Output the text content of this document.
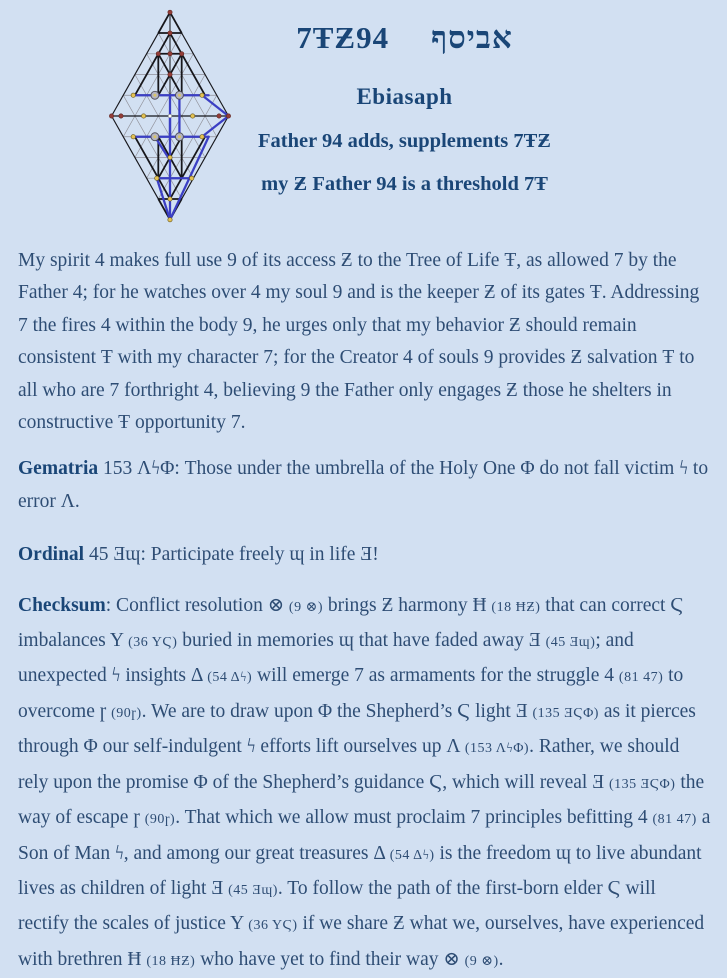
7ŦƵ94 אביסף
Ebiasaph
Father 94 adds, supplements 7ŦƵ
my Ƶ Father 94 is a threshold 7Ŧ

My spirit 4 makes full use 9 of its access Ƶ to the Tree of Life Ŧ, as allowed 7 by the Father 4; for he watches over 4 my soul 9 and is the keeper Ƶ of its gates Ŧ. Addressing 7 the fires 4 within the body 9, he urges only that my behavior Ƶ should remain consistent Ŧ with my character 7; for the Creator 4 of souls 9 provides Ƶ salvation Ŧ to all who are 7 forthright 4, believing 9 the Father only engages Ƶ those he shelters in constructive Ŧ opportunity 7.

Gematria 153 ΛϟΦ: Those under the umbrella of the Holy One Φ do not fall victim ϟ to error Λ.

Ordinal 45 Ǝɰ: Participate freely ɰ in life Ǝ!

Checksum: Conflict resolution ⊗ (9 ⊗) brings Ƶ harmony Ħ (18 ĦƵ) that can correct Ϛ imbalances Y (36 YϚ) buried in memories ɰ that have faded away Ǝ (45 Ǝɰ); and unexpected ϟ insights Δ (54 Δϟ) will emerge 7 as armaments for the struggle 4 (81 47) to overcome ɼ (90ɼ). We are to draw upon Φ the Shepherd’s Ϛ light Ǝ (135 ƎϚΦ) as it pierces through Φ our self-indulgent ϟ efforts lift ourselves up Λ (153 ΛϟΦ). Rather, we should rely upon the promise Φ of the Shepherd’s guidance Ϛ, which will reveal Ǝ (135 ƎϚΦ) the way of escape ɼ (90ɼ). That which we allow must proclaim 7 principles befitting 4 (81 47) a Son of Man ϟ, and among our great treasures Δ (54 Δϟ) is the freedom ɰ to live abundant lives as children of light Ǝ (45 Ǝɰ). To follow the path of the first-born elder Ϛ will rectify the scales of justice Y (36 YϚ) if we share Ƶ what we, ourselves, have experienced with brethren Ħ (18 ĦƵ) who have yet to find their way ⊗ (9 ⊗).
